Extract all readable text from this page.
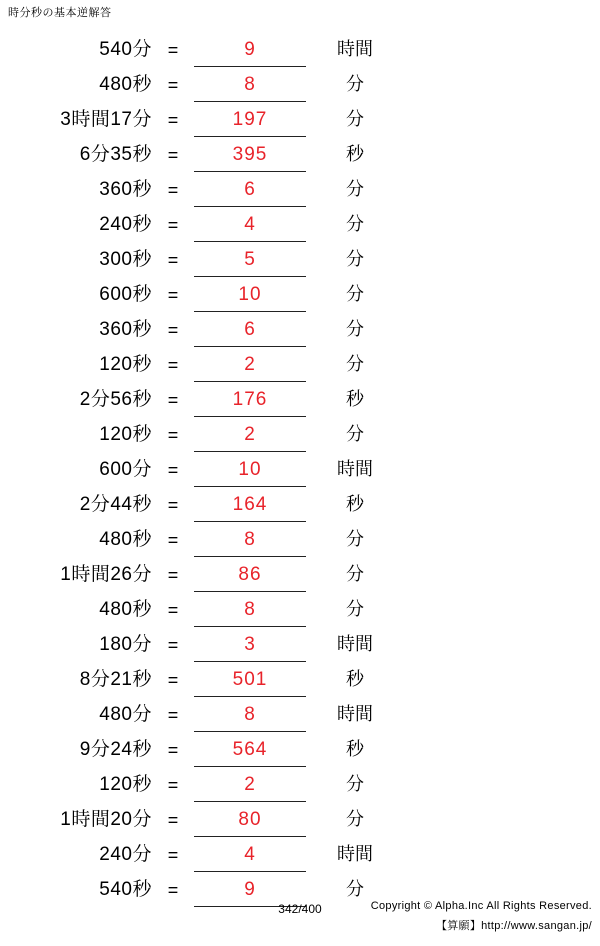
時分秒の基本逆解答
540分 =	9	時間
480秒 =	8	分
3時間17分 =	197	分
6分35秒 =	395	秒
360秒 =	6	分
240秒 =	4	分
300秒 =	5	分
600秒 =	10	分
360秒 =	6	分
120秒 =	2	分
2分56秒 =	176	秒
120秒 =	2	分
600分 =	10	時間
2分44秒 =	164	秒
480秒 =	8	分
1時間26分 =	86	分
480秒 =	8	分
180分 =	3	時間
8分21秒 =	501	秒
480分 =	8	時間
9分24秒 =	564	秒
120秒 =	2	分
1時間20分 =	80	分
240分 =	4	時間
540秒 =	9	分
342/400	Copyright © Alpha.Inc All Rights Reserved.
【算願】http://www.sangan.jp/
